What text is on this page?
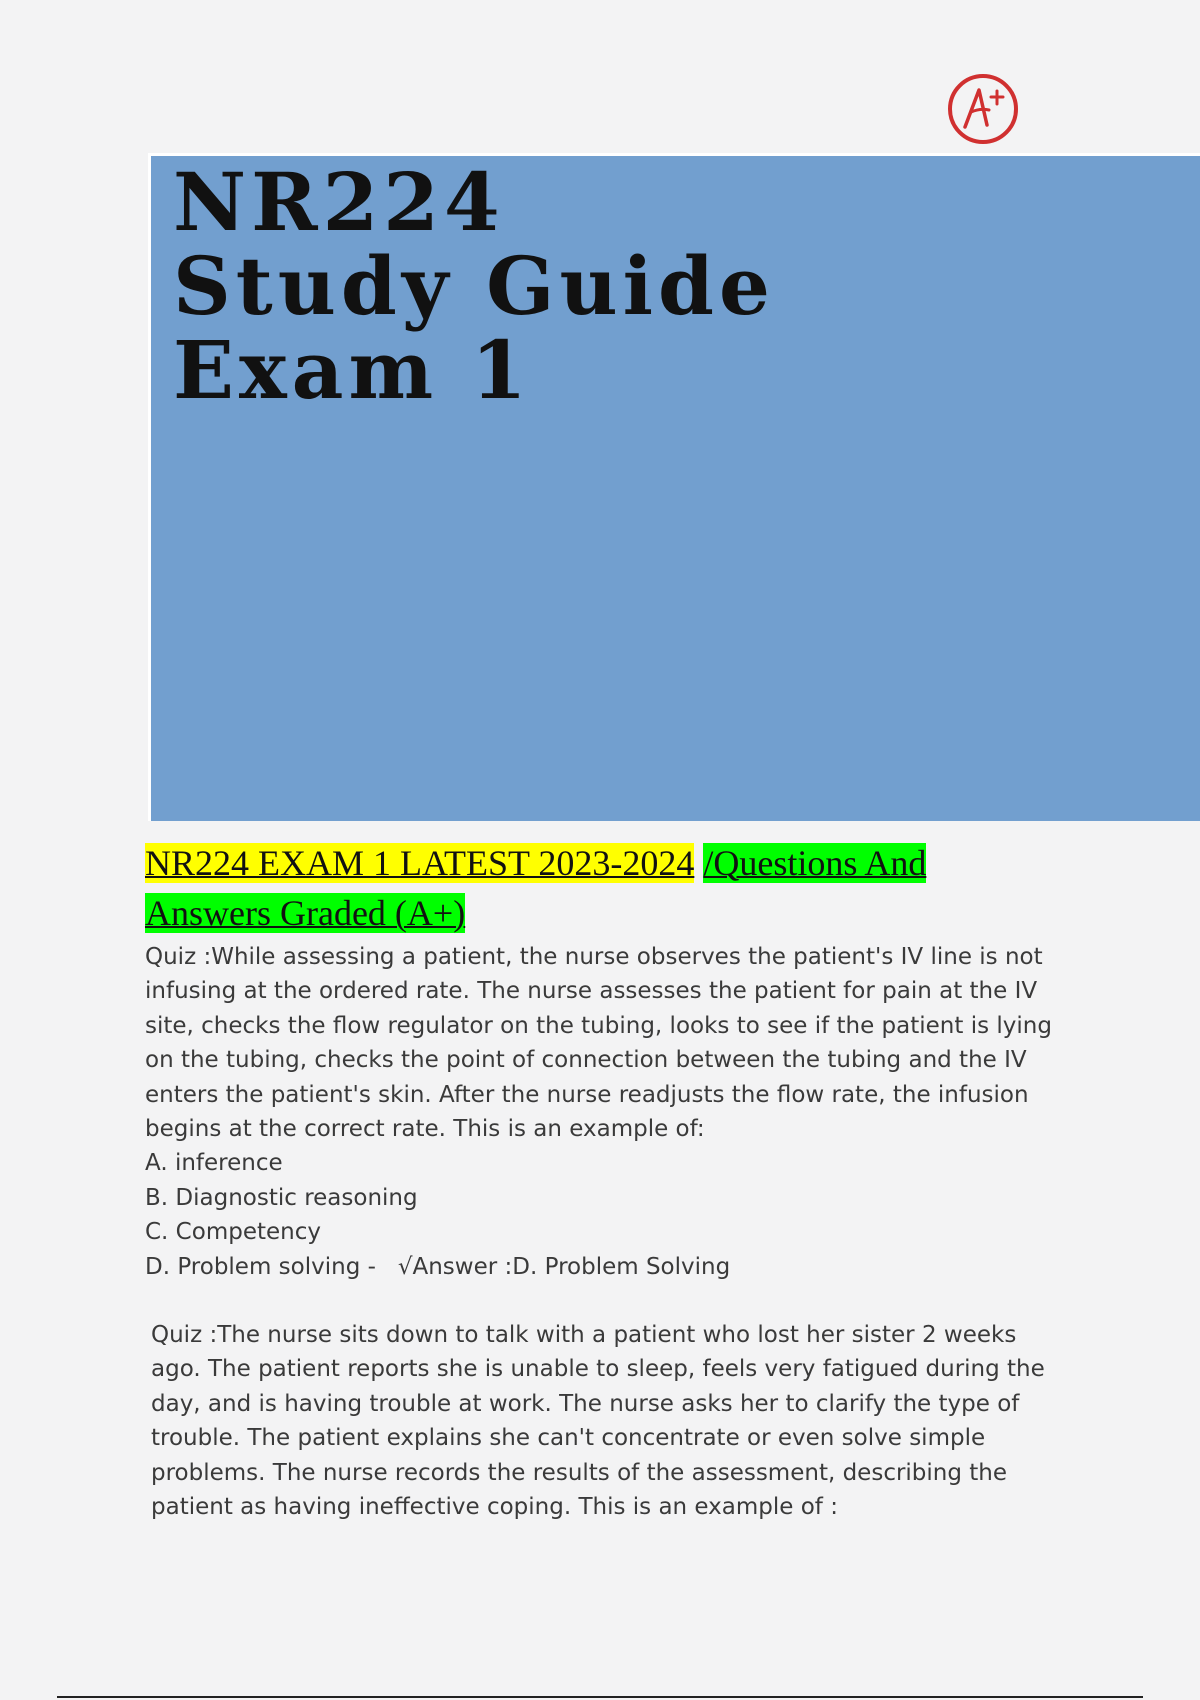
NR224
Study Guide
Exam 1
NR224 EXAM 1 LATEST 2023-2024 /Questions And Answers Graded (A+)

Quiz :While assessing a patient, the nurse observes the patient's IV line is not infusing at the ordered rate. The nurse assesses the patient for pain at the IV site, checks the flow regulator on the tubing, looks to see if the patient is lying on the tubing, checks the point of connection between the tubing and the IV enters the patient's skin. After the nurse readjusts the flow rate, the infusion begins at the correct rate. This is an example of:

A. inference
B. Diagnostic reasoning
C. Competency
D. Problem solving -   √Answer :D. Problem Solving

Quiz :The nurse sits down to talk with a patient who lost her sister 2 weeks ago. The patient reports she is unable to sleep, feels very fatigued during the day, and is having trouble at work. The nurse asks her to clarify the type of trouble. The patient explains she can't concentrate or even solve simple problems. The nurse records the results of the assessment, describing the patient as having ineffective coping. This is an example of :
